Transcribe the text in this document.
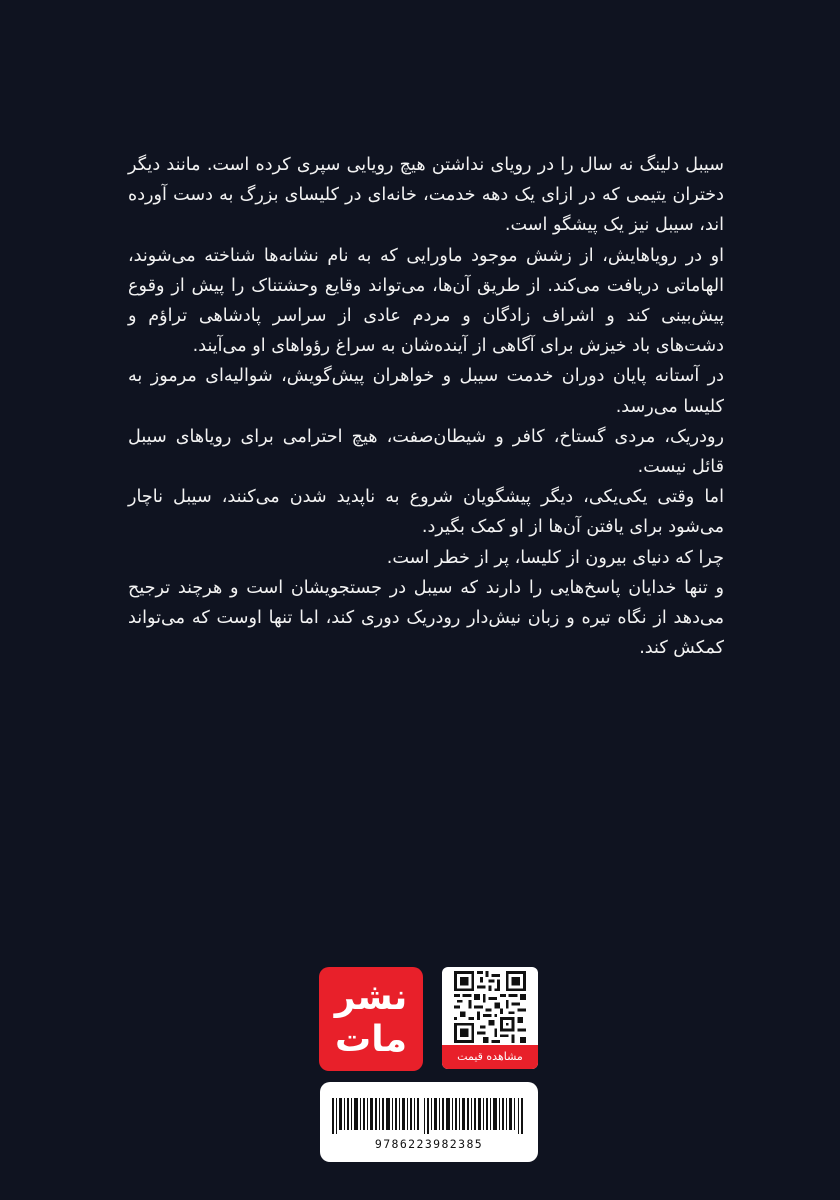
سیبل دلینگ نه سال را در رویای نداشتن هیچ رویایی سپری کرده است. مانند دیگر دختران یتیمی که در ازای یک دهه خدمت، خانه‌ای در کلیسای بزرگ به دست آورده اند، سیبل نیز یک پیشگو است.

او در رویاهایش، از زشش موجود ماورایی که به نام نشانه‌ها شناخته می‌شوند، الهاماتی دریافت می‌کند. از طریق آن‌ها، می‌تواند وقایع وحشتناک را پیش از وقوع پیش‌بینی کند و اشراف زادگان و مردم عادی از سراسر پادشاهی تراؤم و دشت‌های باد خیزش برای آگاهی از آینده‌شان به سراغ رؤواهای او می‌آیند.

در آستانه پایان دوران خدمت سیبل و خواهران پیش‌گویش، شوالیه‌ای مرموز به کلیسا می‌رسد.

رودریک، مردی گستاخ، کافر و شیطان‌صفت، هیچ احترامی برای رویاهای سیبل قائل نیست.

اما وقتی یکی‌یکی، دیگر پیشگویان شروع به ناپدید شدن می‌کنند، سیبل ناچار می‌شود برای یافتن آن‌ها از او کمک بگیرد.

چرا که دنیای بیرون از کلیسا، پر از خطر است.

و تنها خدایان پاسخ‌هایی را دارند که سیبل در جستجویشان است و هرچند ترجیح می‌دهد از نگاه تیره و زبان نیش‌دار رودریک دوری کند، اما تنها اوست که می‌تواند کمکش کند.

نشر
مات	مشاهده قیمت
9786223982385
